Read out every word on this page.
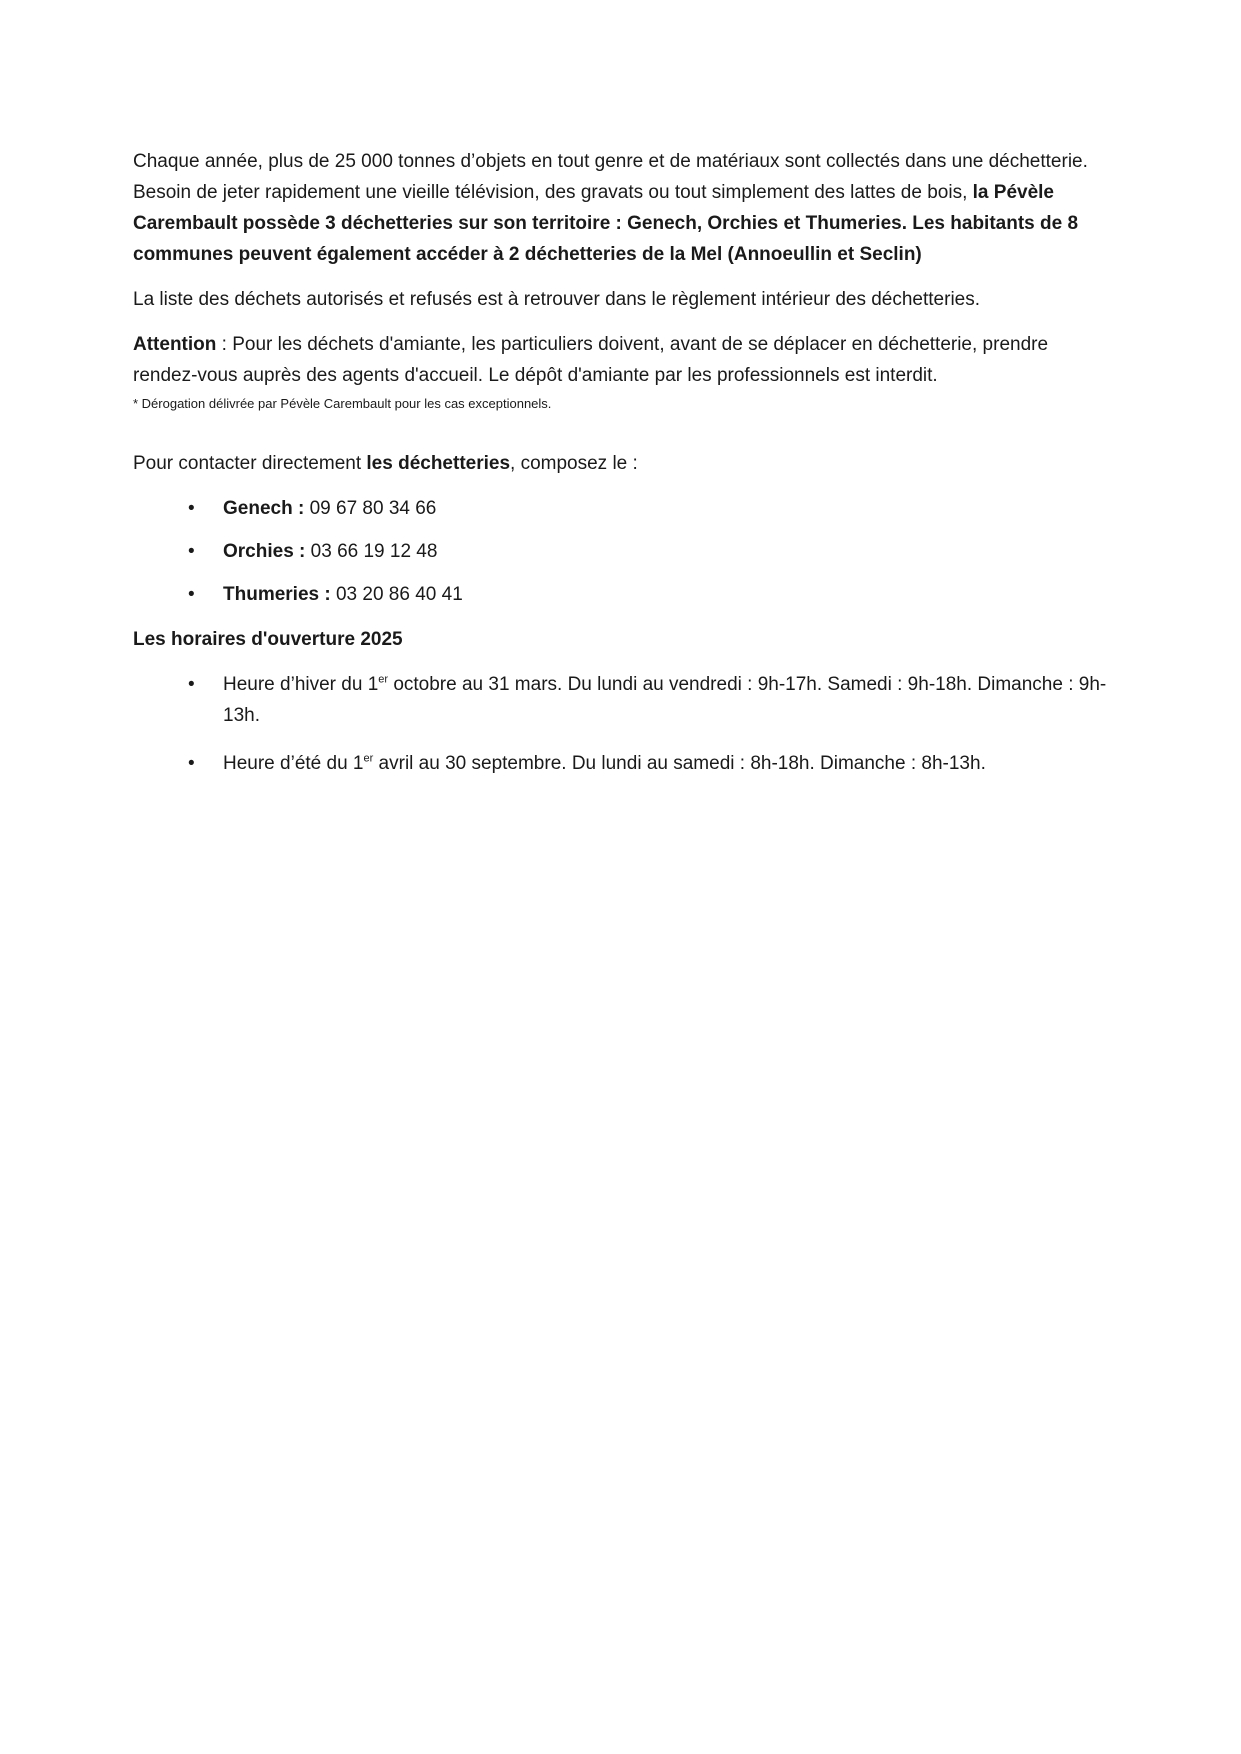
Chaque année, plus de 25 000 tonnes d’objets en tout genre et de matériaux sont collectés dans une déchetterie. Besoin de jeter rapidement une vieille télévision, des gravats ou tout simplement des lattes de bois, la Pévèle Carembault possède 3 déchetteries sur son territoire : Genech, Orchies et Thumeries. Les habitants de 8 communes peuvent également accéder à 2 déchetteries de la Mel (Annoeullin et Seclin)

La liste des déchets autorisés et refusés est à retrouver dans le règlement intérieur des déchetteries.

Attention : Pour les déchets d'amiante, les particuliers doivent, avant de se déplacer en déchetterie, prendre rendez-vous auprès des agents d'accueil. Le dépôt d'amiante par les professionnels est interdit.

* Dérogation délivrée par Pévèle Carembault pour les cas exceptionnels.

Pour contacter directement les déchetteries, composez le :

• Genech : 09 67 80 34 66
• Orchies : 03 66 19 12 48
• Thumeries : 03 20 86 40 41

Les horaires d'ouverture 2025

• Heure d’hiver du 1er octobre au 31 mars. Du lundi au vendredi : 9h-17h. Samedi : 9h-18h. Dimanche : 9h-13h.
• Heure d’été du 1er avril au 30 septembre. Du lundi au samedi : 8h-18h. Dimanche : 8h-13h.
